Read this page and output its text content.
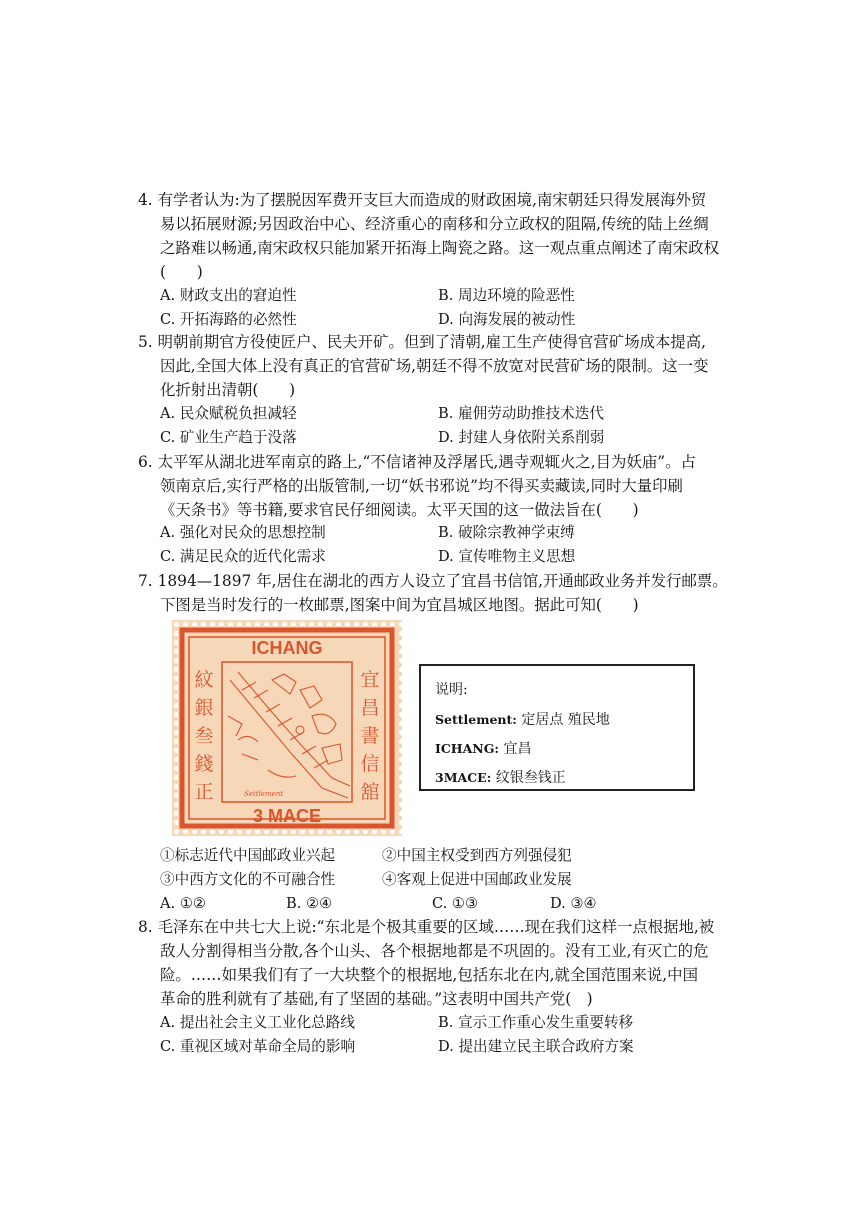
4. 有学者认为:为了摆脱因军费开支巨大而造成的财政困境,南宋朝廷只得发展海外贸
易以拓展财源;另因政治中心、经济重心的南移和分立政权的阻隔,传统的陆上丝绸
之路难以畅通,南宋政权只能加紧开拓海上陶瓷之路。这一观点重点阐述了南宋政权
(　　)
A. 财政支出的窘迫性	B. 周边环境的险恶性
C. 开拓海路的必然性	D. 向海发展的被动性
5. 明朝前期官方役使匠户、民夫开矿。但到了清朝,雇工生产使得官营矿场成本提高,
因此,全国大体上没有真正的官营矿场,朝廷不得不放宽对民营矿场的限制。这一变
化折射出清朝(　　)
A. 民众赋税负担减轻	B. 雇佣劳动助推技术迭代
C. 矿业生产趋于没落	D. 封建人身依附关系削弱
6. 太平军从湖北进军南京的路上,“不信诸神及浮屠氏,遇寺观辄火之,目为妖庙”。占
领南京后,实行严格的出版管制,一切“妖书邪说”均不得买卖藏读,同时大量印刷
《天条书》等书籍,要求官民仔细阅读。太平天国的这一做法旨在(　　)
A. 强化对民众的思想控制	B. 破除宗教神学束缚
C. 满足民众的近代化需求	D. 宣传唯物主义思想
7. 1894—1897 年,居住在湖北的西方人设立了宜昌书信馆,开通邮政业务并发行邮票。
下图是当时发行的一枚邮票,图案中间为宜昌城区地图。据此可知(　　)
ICHANG
3 MACE
紋
銀
叁
錢
正
宜
昌
書
信
舘
Settlement
说明:
Settlement: 定居点 殖民地
ICHANG: 宜昌
3MACE: 纹银叁钱正
①标志近代中国邮政业兴起	②中国主权受到西方列强侵犯
③中西方文化的不可融合性	④客观上促进中国邮政业发展
A. ①②	B. ②④	C. ①③	D. ③④
8. 毛泽东在中共七大上说:“东北是个极其重要的区域……现在我们这样一点根据地,被
敌人分割得相当分散,各个山头、各个根据地都是不巩固的。没有工业,有灭亡的危
险。……如果我们有了一大块整个的根据地,包括东北在内,就全国范围来说,中国
革命的胜利就有了基础,有了坚固的基础。”这表明中国共产党(　)
A. 提出社会主义工业化总路线	B. 宣示工作重心发生重要转移
C. 重视区域对革命全局的影响	D. 提出建立民主联合政府方案
